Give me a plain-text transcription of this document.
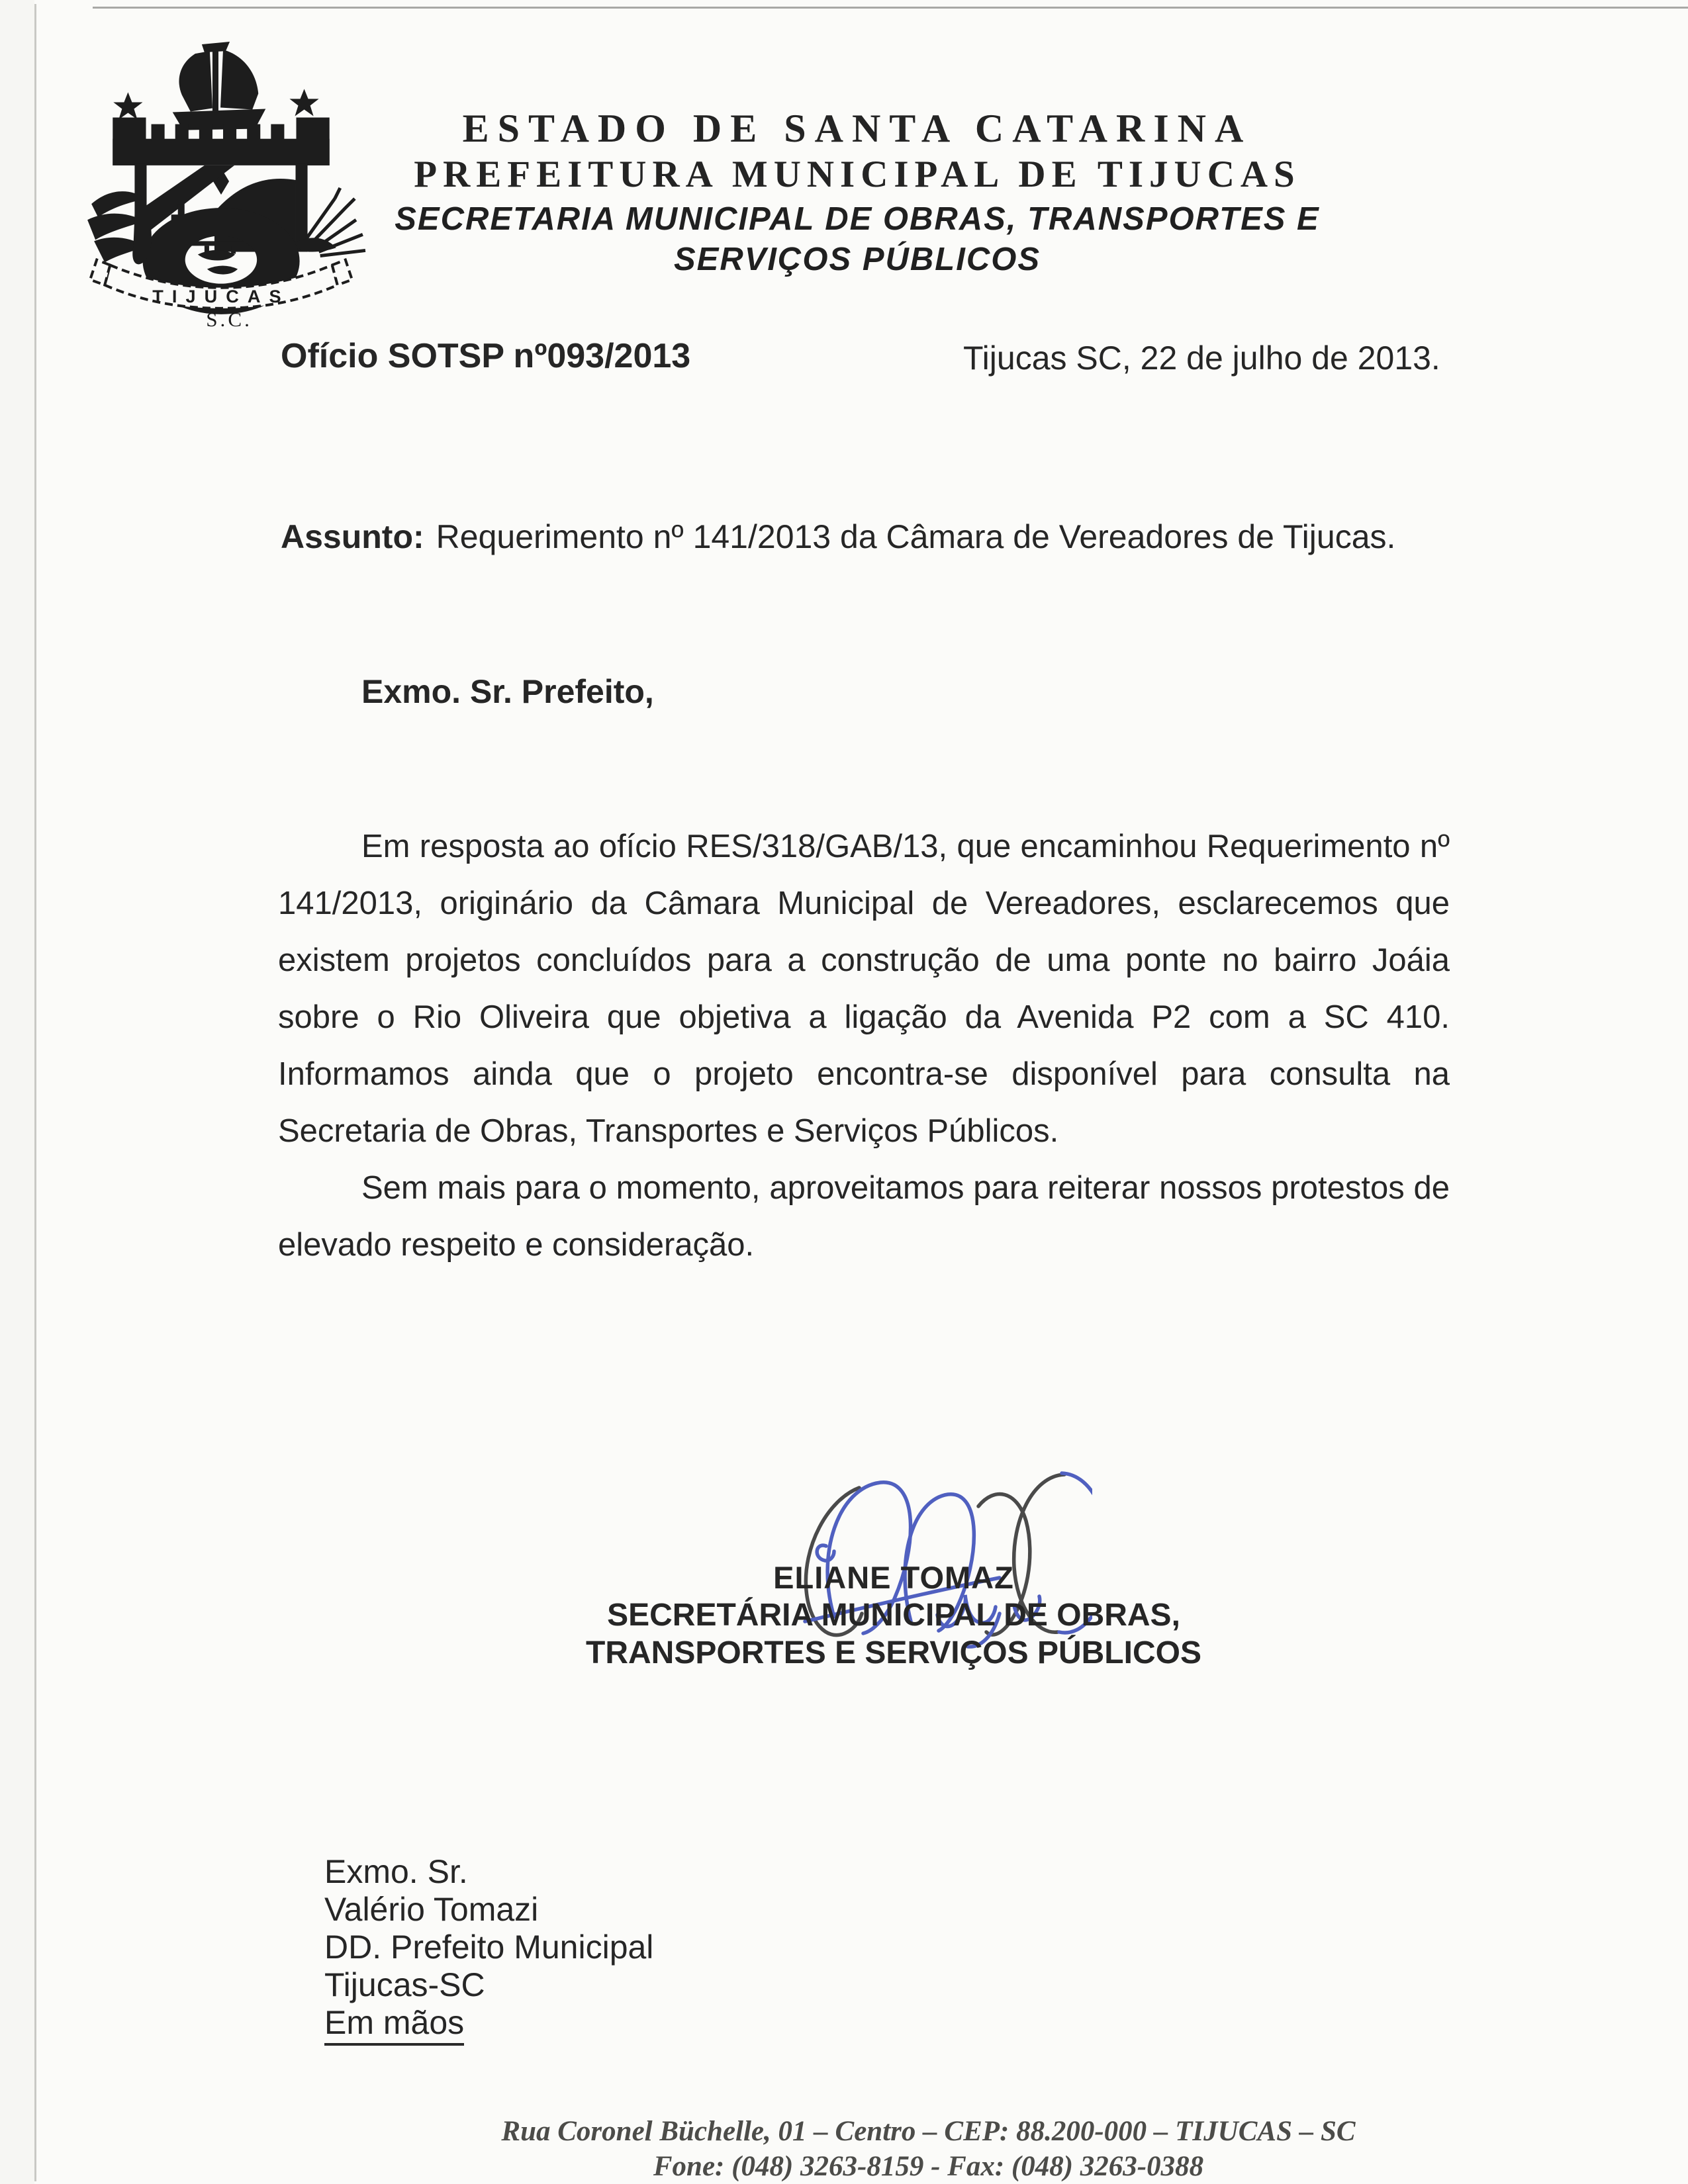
TIJUCAS
S.C.
ESTADO DE SANTA CATARINA
PREFEITURA MUNICIPAL DE TIJUCAS
SECRETARIA MUNICIPAL DE OBRAS, TRANSPORTES E
SERVIÇOS PÚBLICOS
Ofício SOTSP nº093/2013	Tijucas SC, 22 de julho de 2013.
Assunto: Requerimento nº 141/2013 da Câmara de Vereadores de Tijucas.
Exmo. Sr. Prefeito,

Em resposta ao ofício RES/318/GAB/13, que encaminhou Requerimento nº 141/2013, originário da Câmara Municipal de Vereadores, esclarecemos que existem projetos concluídos para a construção de uma ponte no bairro Joáia sobre o Rio Oliveira que objetiva a ligação da Avenida P2 com a SC 410. Informamos ainda que o projeto encontra-se disponível para consulta na Secretaria de Obras, Transportes e Serviços Públicos.

Sem mais para o momento, aproveitamos para reiterar nossos protestos de elevado respeito e consideração.

ELIANE TOMAZ
SECRETÁRIA MUNICIPAL DE OBRAS,
TRANSPORTES E SERVIÇOS PÚBLICOS
Exmo. Sr.
Valério Tomazi
DD. Prefeito Municipal
Tijucas-SC
Em mãos
Rua Coronel Büchelle, 01 – Centro – CEP: 88.200-000 – TIJUCAS – SC
Fone: (048) 3263-8159 - Fax: (048) 3263-0388
